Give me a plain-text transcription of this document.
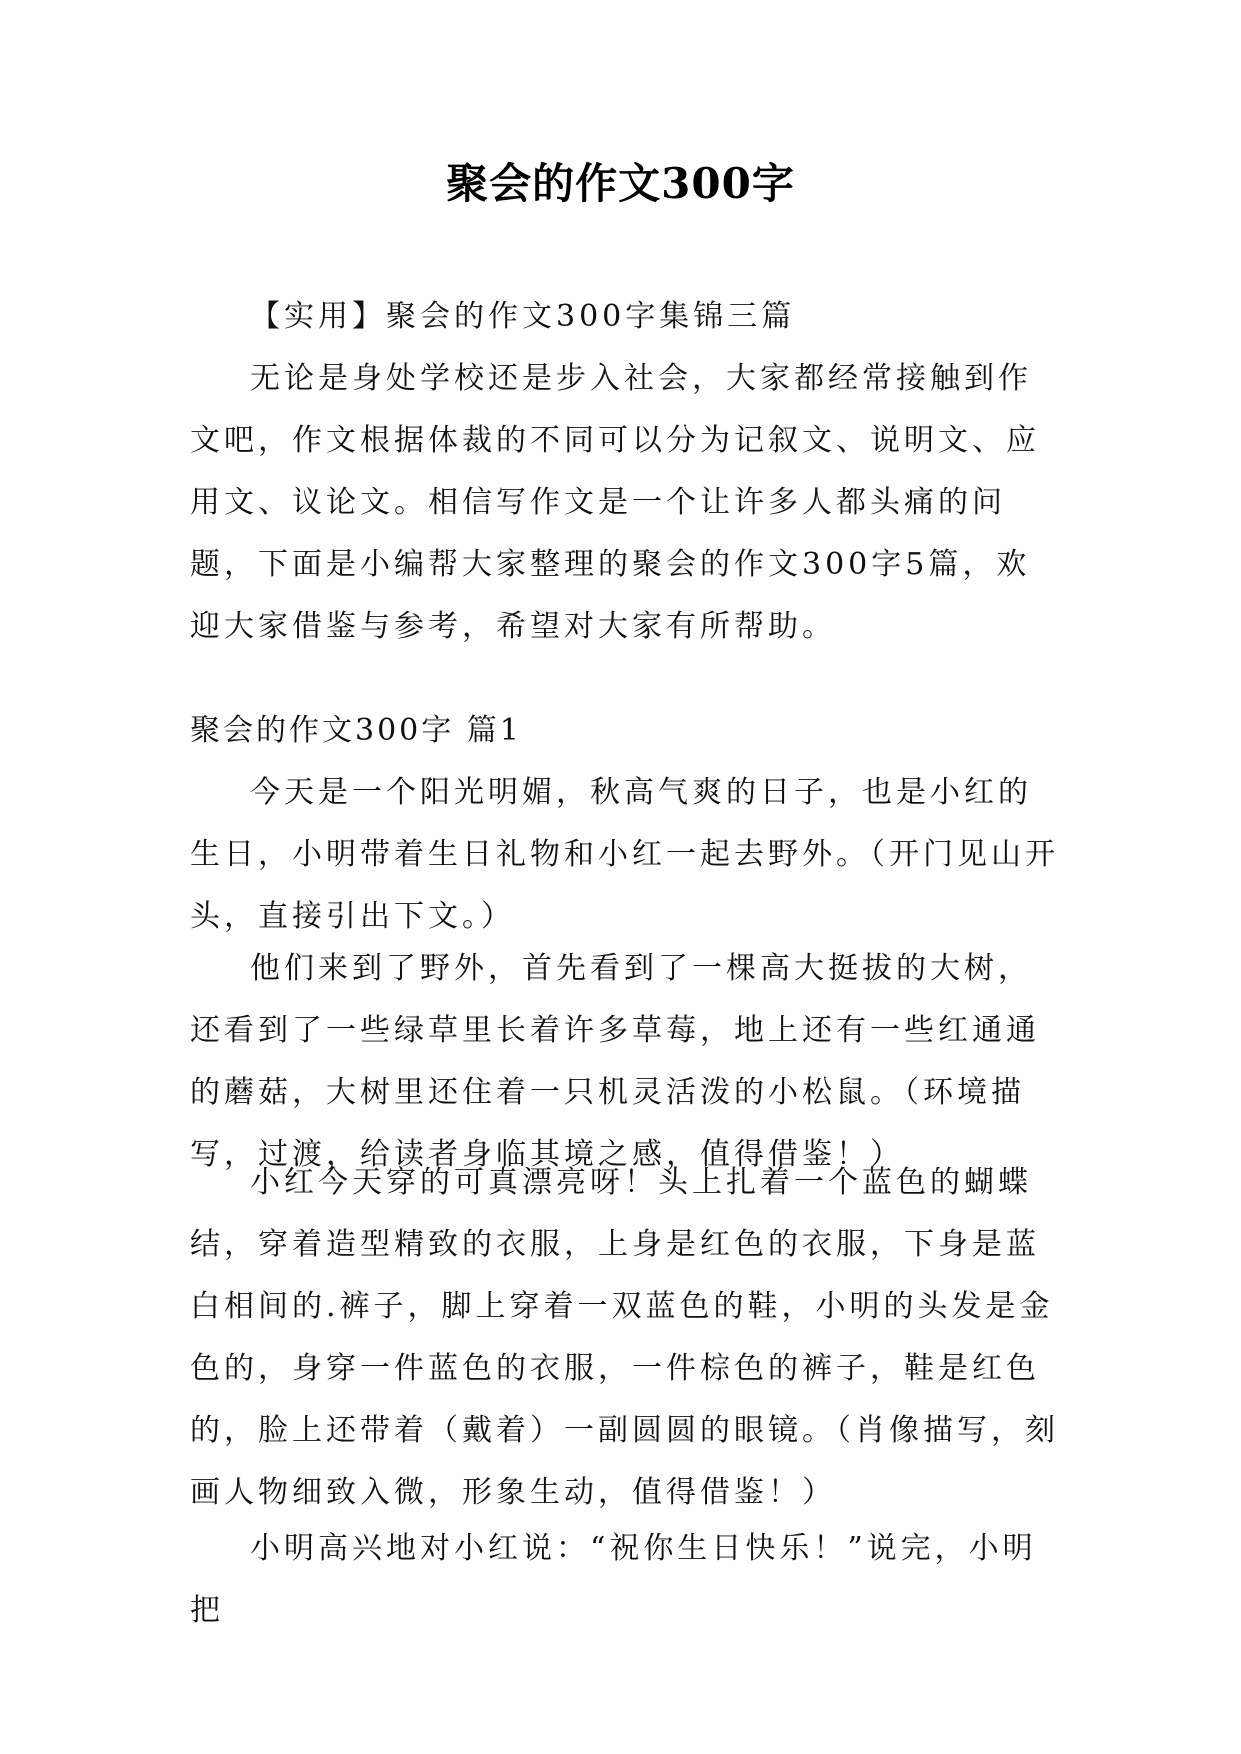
聚会的作文300字

【实用】聚会的作文300字集锦三篇

无论是身处学校还是步入社会，大家都经常接触到作文吧，作文根据体裁的不同可以分为记叙文、说明文、应用文、议论文。相信写作文是一个让许多人都头痛的问题，下面是小编帮大家整理的聚会的作文300字5篇，欢迎大家借鉴与参考，希望对大家有所帮助。

聚会的作文300字 篇1

今天是一个阳光明媚，秋高气爽的日子，也是小红的生日，小明带着生日礼物和小红一起去野外。（开门见山开头，直接引出下文。）

他们来到了野外，首先看到了一棵高大挺拔的大树，还看到了一些绿草里长着许多草莓，地上还有一些红通通的蘑菇，大树里还住着一只机灵活泼的小松鼠。（环境描写，过渡，给读者身临其境之感，值得借鉴！）

小红今天穿的可真漂亮呀！头上扎着一个蓝色的蝴蝶结，穿着造型精致的衣服，上身是红色的衣服，下身是蓝白相间的.裤子，脚上穿着一双蓝色的鞋，小明的头发是金色的，身穿一件蓝色的衣服，一件棕色的裤子，鞋是红色的，脸上还带着（戴着）一副圆圆的眼镜。（肖像描写，刻画人物细致入微，形象生动，值得借鉴！）

小明高兴地对小红说：“祝你生日快乐！”说完，小明把
